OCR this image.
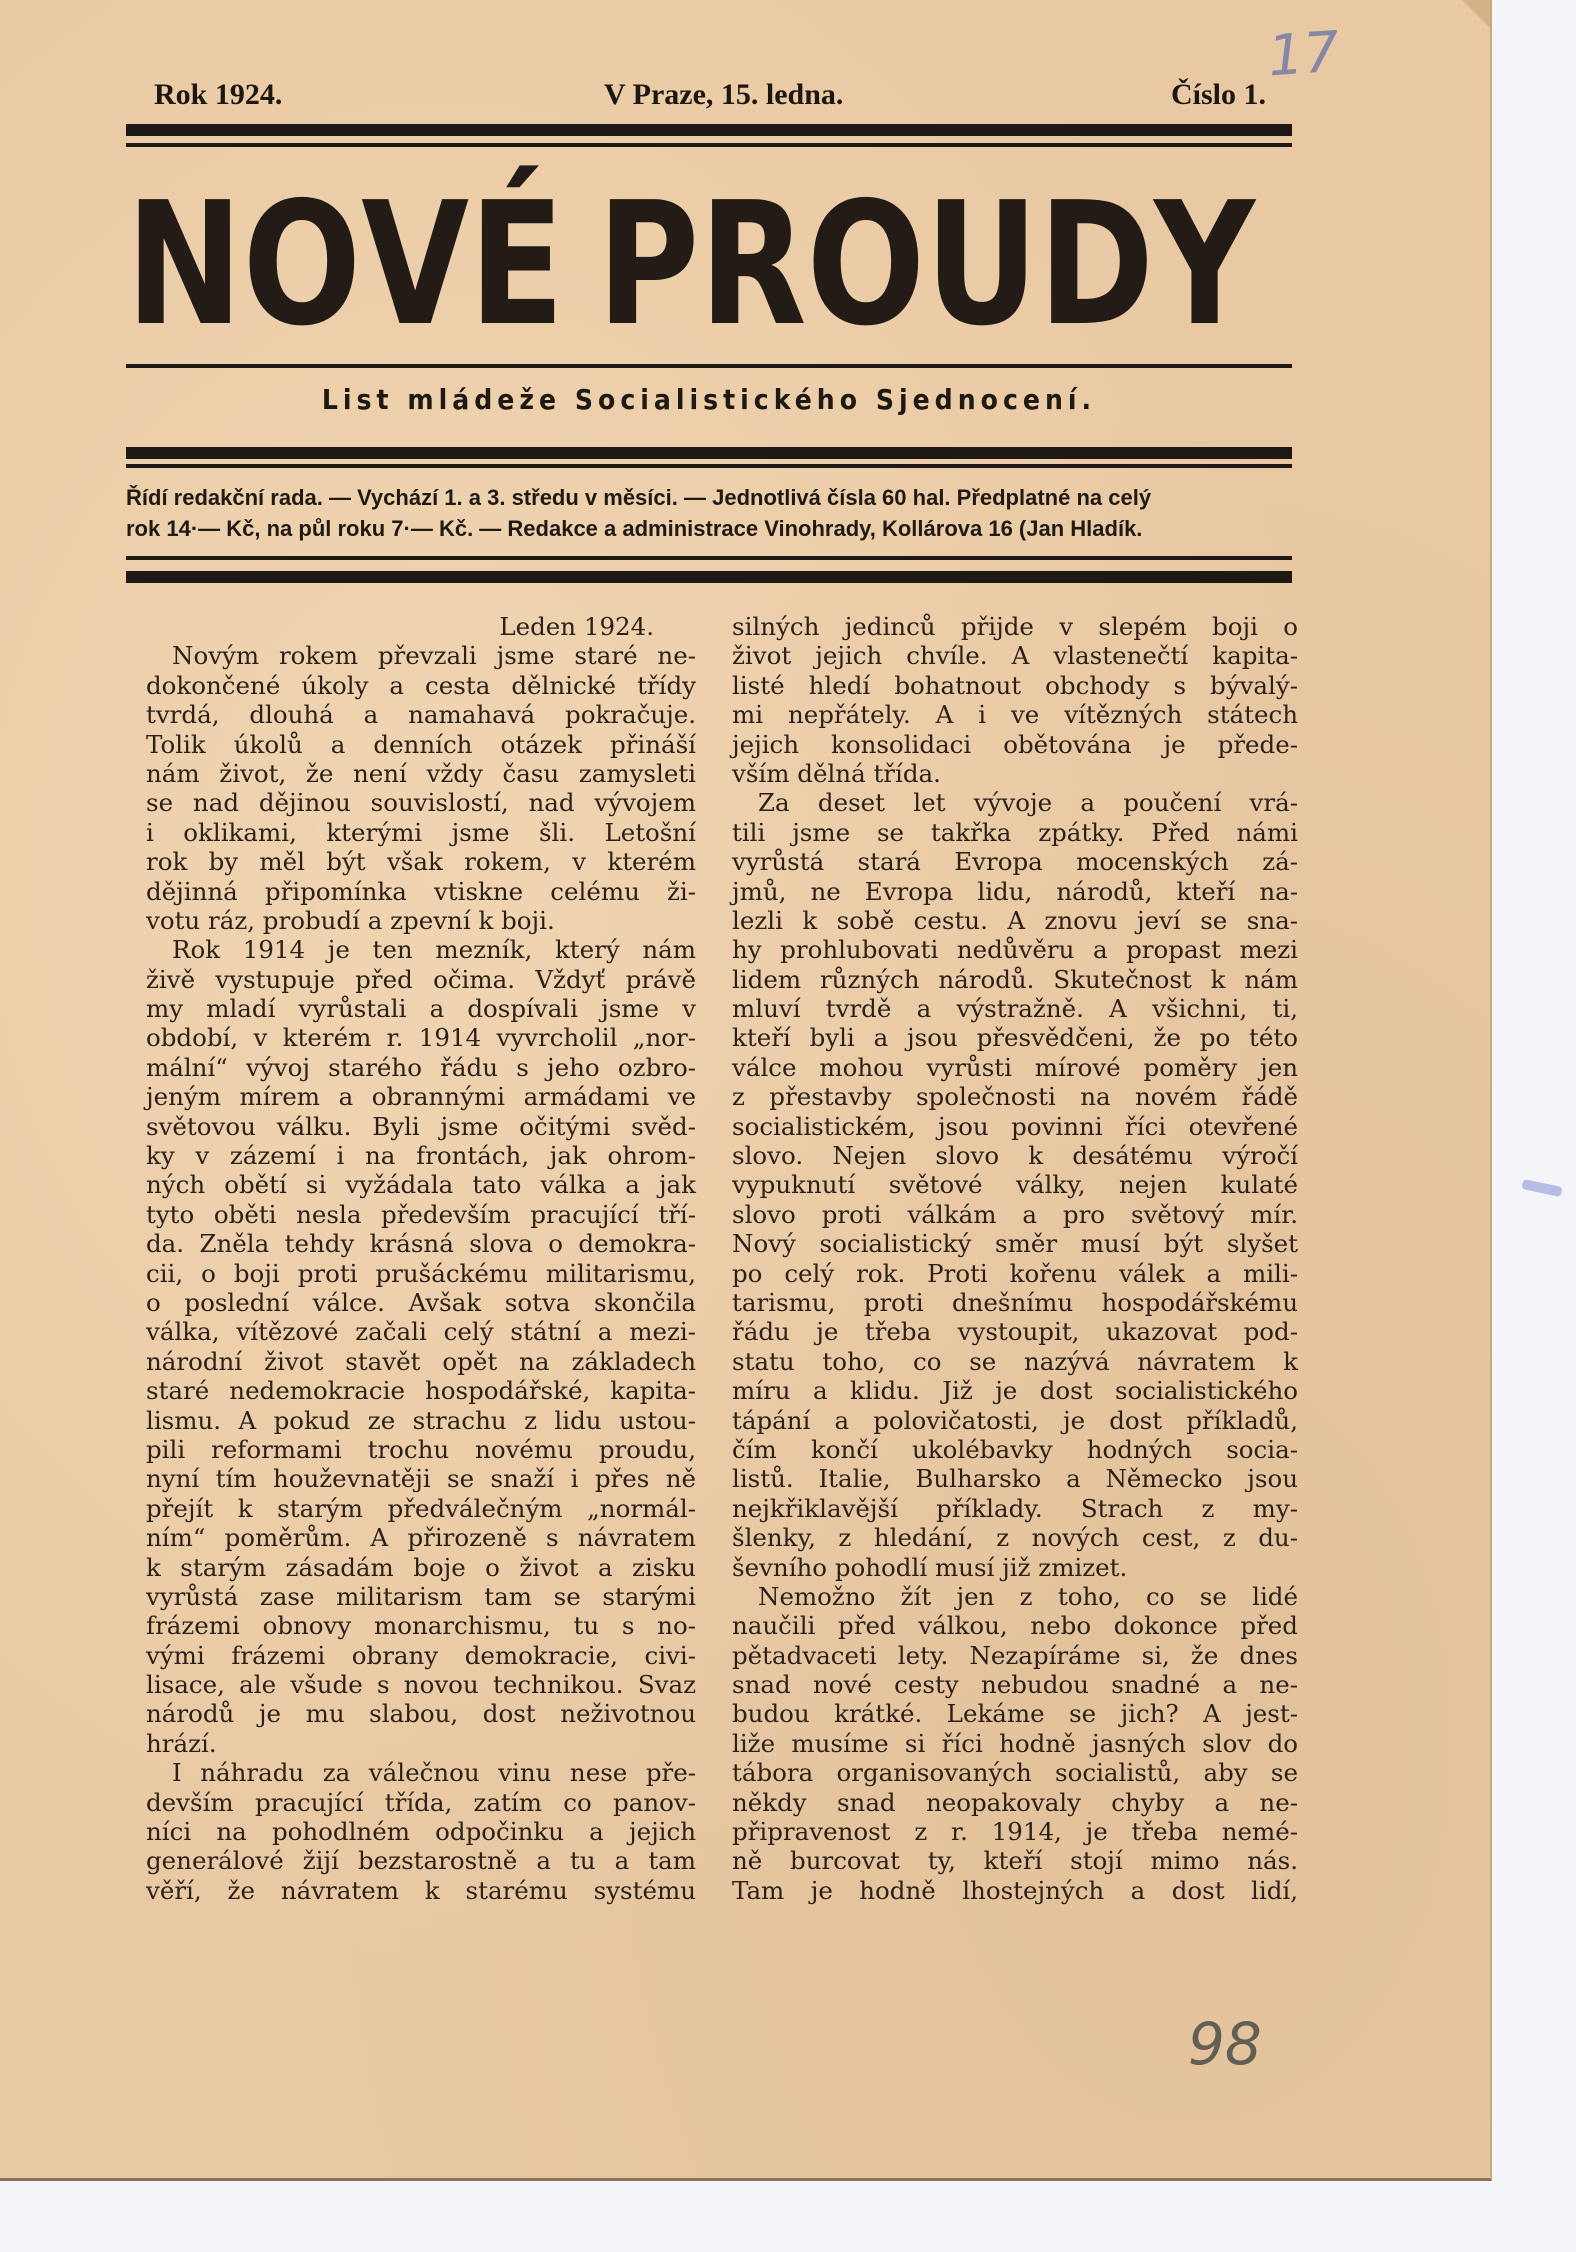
Rok 1924.	V Praze, 15. ledna.	Číslo 1.
N O V É P R O U D Y
List mládeže Socialistického Sjednocení.
Řídí redakční rada. — Vychází 1. a 3. středu v měsíci. — Jednotlivá čísla 60 hal. Předplatné na celý
rok 14·— Kč, na půl roku 7·— Kč. — Redakce a administrace Vinohrady, Kollárova 16 (Jan Hladík.
Leden 1924.
Novým rokem převzali jsme staré ne-
dokončené úkoly a cesta dělnické třídy
tvrdá, dlouhá a namahavá pokračuje.
Tolik úkolů a denních otázek přináší
nám život, že není vždy času zamysleti
se nad dějinou souvislostí, nad vývojem
i oklikami, kterými jsme šli. Letošní
rok by měl být však rokem, v kterém
dějinná připomínka vtiskne celému ži-
votu ráz, probudí a zpevní k boji.
Rok 1914 je ten mezník, který nám
živě vystupuje před očima. Vždyť právě
my mladí vyrůstali a dospívali jsme v
období, v kterém r. 1914 vyvrcholil „nor-
mální“ vývoj starého řádu s jeho ozbro-
jeným mírem a obrannými armádami ve
světovou válku. Byli jsme očitými svěd-
ky v zázemí i na frontách, jak ohrom-
ných obětí si vyžádala tato válka a jak
tyto oběti nesla především pracující tří-
da. Zněla tehdy krásná slova o demokra-
cii, o boji proti prušáckému militarismu,
o poslední válce. Avšak sotva skončila
válka, vítězové začali celý státní a mezi-
národní život stavět opět na základech
staré nedemokracie hospodářské, kapita-
lismu. A pokud ze strachu z lidu ustou-
pili reformami trochu novému proudu,
nyní tím houževnatěji se snaží i přes ně
přejít k starým předválečným „normál-
ním“ poměrům. A přirozeně s návratem
k starým zásadám boje o život a zisku
vyrůstá zase militarism tam se starými
frázemi obnovy monarchismu, tu s no-
vými frázemi obrany demokracie, civi-
lisace, ale všude s novou technikou. Svaz
národů je mu slabou, dost neživotnou
hrází.
I náhradu za válečnou vinu nese pře-
devším pracující třída, zatím co panov-
níci na pohodlném odpočinku a jejich
generálové žijí bezstarostně a tu a tam
věří, že návratem k starému systému
silných jedinců přijde v slepém boji o
život jejich chvíle. A vlastenečtí kapita-
listé hledí bohatnout obchody s bývalý-
mi nepřátely. A i ve vítězných státech
jejich konsolidaci obětována je přede-
vším dělná třída.
Za deset let vývoje a poučení vrá-
tili jsme se takřka zpátky. Před námi
vyrůstá stará Evropa mocenských zá-
jmů, ne Evropa lidu, národů, kteří na-
lezli k sobě cestu. A znovu jeví se sna-
hy prohlubovati nedůvěru a propast mezi
lidem různých národů. Skutečnost k nám
mluví tvrdě a výstražně. A všichni, ti,
kteří byli a jsou přesvědčeni, že po této
válce mohou vyrůsti mírové poměry jen
z přestavby společnosti na novém řádě
socialistickém, jsou povinni říci otevřené
slovo. Nejen slovo k desátému výročí
vypuknutí světové války, nejen kulaté
slovo proti válkám a pro světový mír.
Nový socialistický směr musí být slyšet
po celý rok. Proti kořenu válek a mili-
tarismu, proti dnešnímu hospodářskému
řádu je třeba vystoupit, ukazovat pod-
statu toho, co se nazývá návratem k
míru a klidu. Již je dost socialistického
tápání a polovičatosti, je dost příkladů,
čím končí ukolébavky hodných socia-
listů. Italie, Bulharsko a Německo jsou
nejkřiklavější příklady. Strach z my-
šlenky, z hledání, z nových cest, z du-
ševního pohodlí musí již zmizet.
Nemožno žít jen z toho, co se lidé
naučili před válkou, nebo dokonce před
pětadvaceti lety. Nezapíráme si, že dnes
snad nové cesty nebudou snadné a ne-
budou krátké. Lekáme se jich? A jest-
liže musíme si říci hodně jasných slov do
tábora organisovaných socialistů, aby se
někdy snad neopakovaly chyby a ne-
připravenost z r. 1914, je třeba nemé-
ně burcovat ty, kteří stojí mimo nás.
Tam je hodně lhostejných a dost lidí,
17
98
